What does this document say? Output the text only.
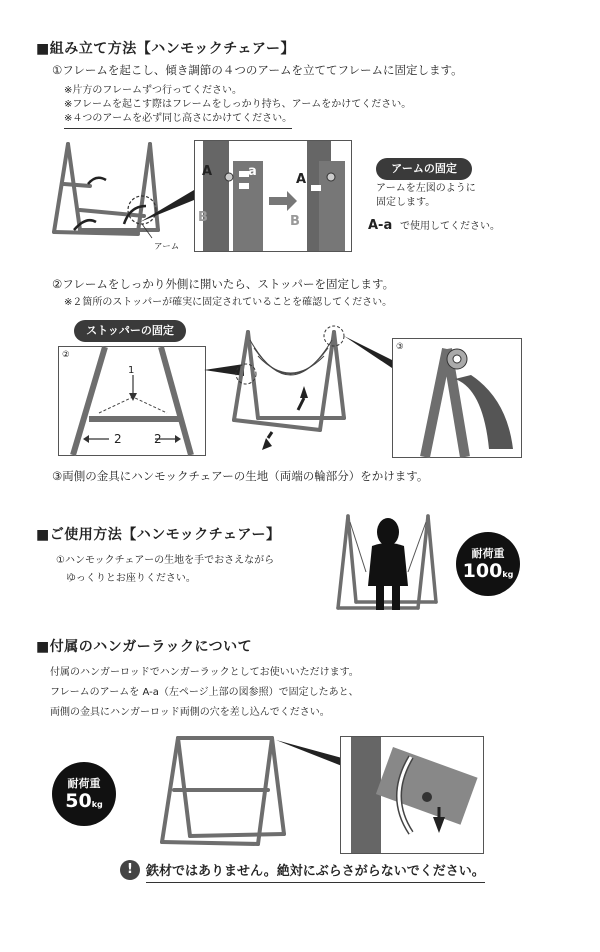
■組み立て方法【ハンモックチェアー】
①フレームを起こし、傾き調節の４つのアームを立ててフレームに固定します。
※片方のフレームずつ行ってください。
※フレームを起こす際はフレームをしっかり持ち、アームをかけてください。
※４つのアームを必ず同じ高さにかけてください。
アーム
A	a
B
A
B
アームの固定
アームを左図のように
固定します。
A-a で使用してください。
②フレームをしっかり外側に開いたら、ストッパーを固定します。
※２箇所のストッパーが確実に固定されていることを確認してください。
ストッパーの固定
②
1
2	2
③
③両側の金具にハンモックチェアーの生地（両端の輪部分）をかけます。
■ご使用方法【ハンモックチェアー】
①ハンモックチェアーの生地を手でおさえながら
ゆっくりとお座りください。
耐荷重
100kg
■付属のハンガーラックについて
付属のハンガーロッドでハンガーラックとしてお使いいただけます。
フレームのアームを A-a（左ページ上部の図参照）で固定したあと、
両側の金具にハンガーロッド両側の穴を差し込んでください。
耐荷重
50kg
!	鉄材ではありません。絶対にぶらさがらないでください。
